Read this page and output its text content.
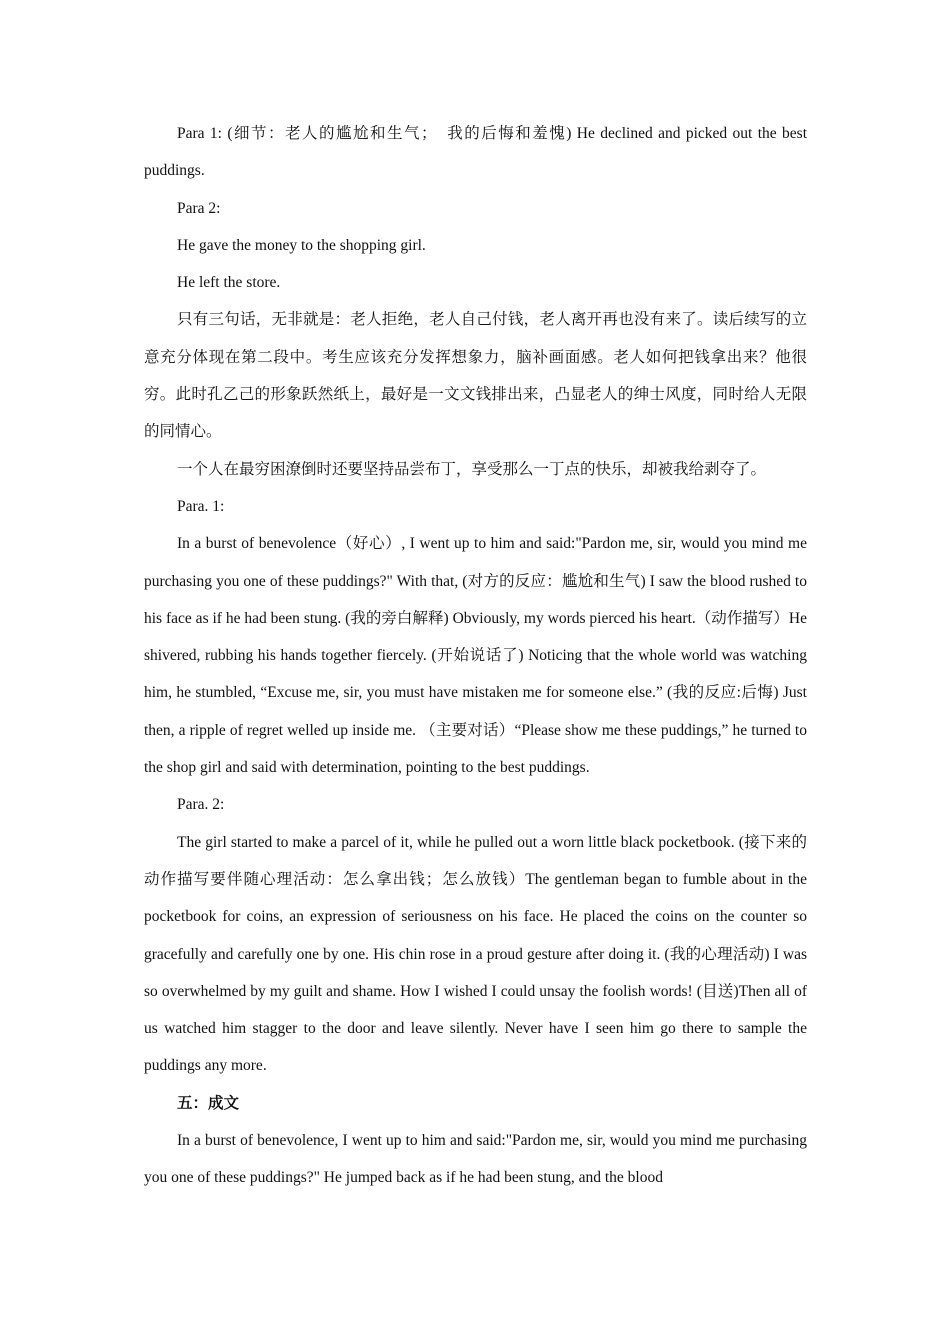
Para 1: (细节：老人的尴尬和生气；　我的后悔和羞愧) He declined and picked out the best puddings.

Para 2:

He gave the money to the shopping girl.

He left the store.

只有三句话，无非就是：老人拒绝，老人自己付钱，老人离开再也没有来了。读后续写的立意充分体现在第二段中。考生应该充分发挥想象力，脑补画面感。老人如何把钱拿出来？他很穷。此时孔乙己的形象跃然纸上，最好是一文文钱排出来，凸显老人的绅士风度，同时给人无限的同情心。

一个人在最穷困潦倒时还要坚持品尝布丁，享受那么一丁点的快乐，却被我给剥夺了。

Para. 1:

In a burst of benevolence（好心）, I went up to him and said:"Pardon me, sir, would you mind me purchasing you one of these puddings?" With that, (对方的反应：尴尬和生气) I saw the blood rushed to his face as if he had been stung. (我的旁白解释) Obviously, my words pierced his heart.（动作描写）He shivered, rubbing his hands together fiercely. (开始说话了) Noticing that the whole world was watching him, he stumbled, “Excuse me, sir, you must have mistaken me for someone else.” (我的反应:后悔) Just then, a ripple of regret welled up inside me. （主要对话）“Please show me these puddings,” he turned to the shop girl and said with determination, pointing to the best puddings.

Para. 2:

The girl started to make a parcel of it, while he pulled out a worn little black pocketbook. (接下来的动作描写要伴随心理活动：怎么拿出钱；怎么放钱）The gentleman began to fumble about in the pocketbook for coins, an expression of seriousness on his face. He placed the coins on the counter so gracefully and carefully one by one. His chin rose in a proud gesture after doing it. (我的心理活动) I was so overwhelmed by my guilt and shame. How I wished I could unsay the foolish words! (目送)Then all of us watched him stagger to the door and leave silently. Never have I seen him go there to sample the puddings any more.

五：成文

In a burst of benevolence, I went up to him and said:"Pardon me, sir, would you mind me purchasing you one of these puddings?" He jumped back as if he had been stung, and the blood
